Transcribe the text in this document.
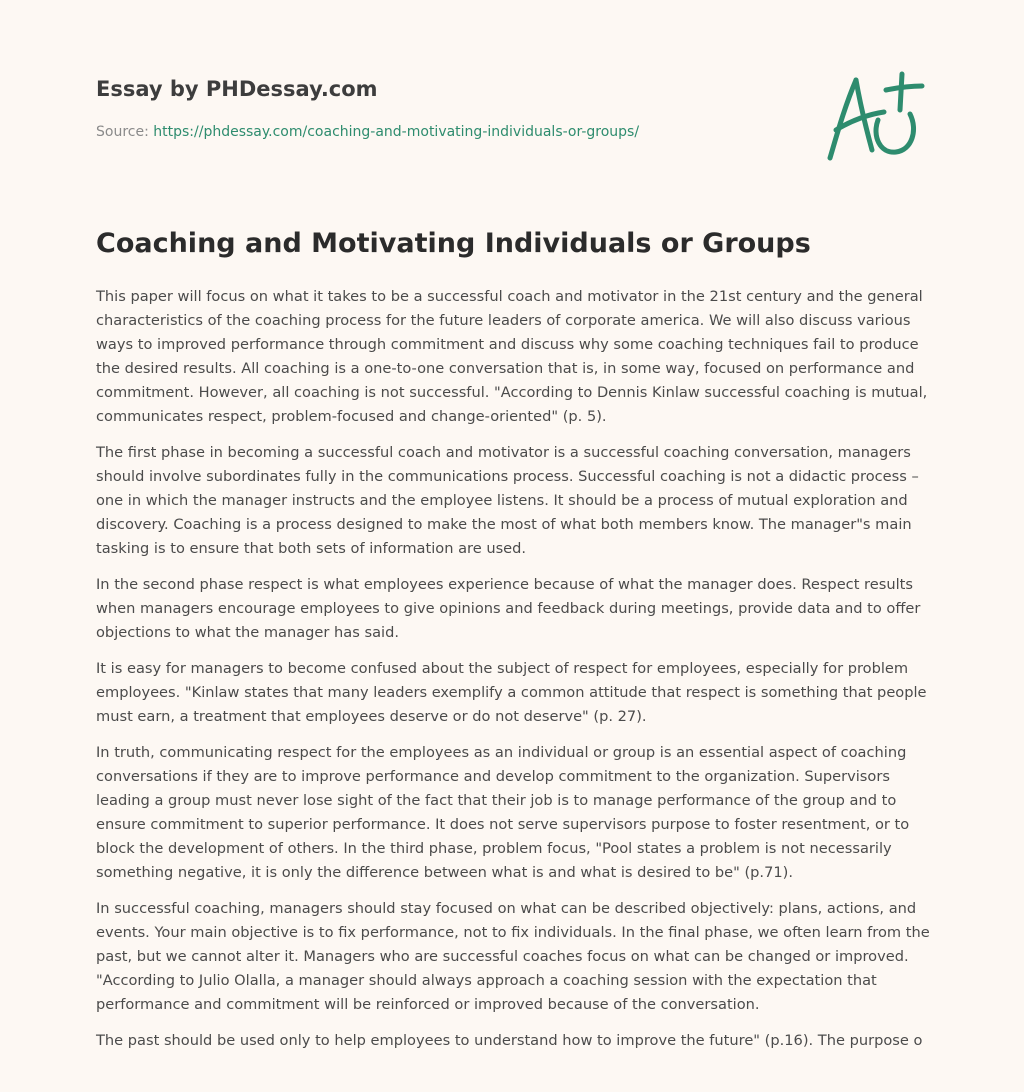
Essay by PHDessay.com
Source: https://phdessay.com/coaching-and-motivating-individuals-or-groups/
Coaching and Motivating Individuals or Groups

This paper will focus on what it takes to be a successful coach and motivator in the 21st century and the general characteristics of the coaching process for the future leaders of corporate america. We will also discuss various ways to improved performance through commitment and discuss why some coaching techniques fail to produce the desired results. All coaching is a one-to-one conversation that is, in some way, focused on performance and commitment. However, all coaching is not successful. "According to Dennis Kinlaw successful coaching is mutual, communicates respect, problem-focused and change-oriented" (p. 5).

The first phase in becoming a successful coach and motivator is a successful coaching conversation, managers should involve subordinates fully in the communications process. Successful coaching is not a didactic process – one in which the manager instructs and the employee listens. It should be a process of mutual exploration and discovery. Coaching is a process designed to make the most of what both members know. The manager"s main tasking is to ensure that both sets of information are used.

In the second phase respect is what employees experience because of what the manager does. Respect results when managers encourage employees to give opinions and feedback during meetings, provide data and to offer objections to what the manager has said.

It is easy for managers to become confused about the subject of respect for employees, especially for problem employees. "Kinlaw states that many leaders exemplify a common attitude that respect is something that people must earn, a treatment that employees deserve or do not deserve" (p. 27).

In truth, communicating respect for the employees as an individual or group is an essential aspect of coaching conversations if they are to improve performance and develop commitment to the organization. Supervisors leading a group must never lose sight of the fact that their job is to manage performance of the group and to ensure commitment to superior performance. It does not serve supervisors purpose to foster resentment, or to block the development of others. In the third phase, problem focus, "Pool states a problem is not necessarily something negative, it is only the difference between what is and what is desired to be" (p.71).

In successful coaching, managers should stay focused on what can be described objectively: plans, actions, and events. Your main objective is to fix performance, not to fix individuals. In the final phase, we often learn from the past, but we cannot alter it. Managers who are successful coaches focus on what can be changed or improved. "According to Julio Olalla, a manager should always approach a coaching session with the expectation that performance and commitment will be reinforced or improved because of the conversation.

The past should be used only to help employees to understand how to improve the future" (p.16). The purpose o
